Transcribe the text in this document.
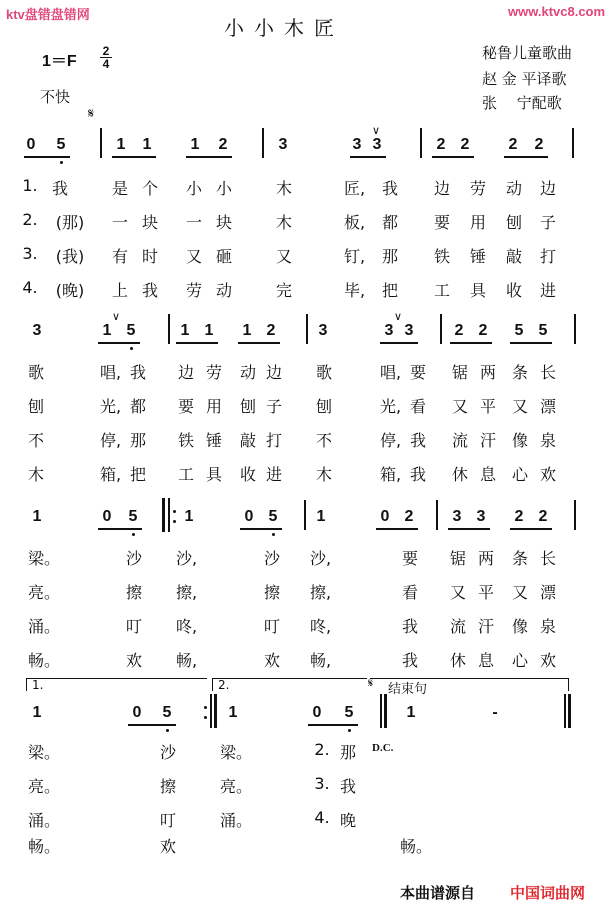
ktv盘错盘错网	www.ktvc8.com
小小木匠
1＝F
2
4
不快
秘鲁儿童歌曲
赵 金 平译歌
张　 宁配歌
𝄋
0 5	1 1 1 2	3	3 3	2 2 2 2
∨
1. 我	是 个 小 小	木	匠, 我 边 劳 动 边
2. (那) 一 块 一 块	木	板, 都 要 用 刨 子
3. (我) 有 时 又 砸	又	钉, 那 铁 锤 敲 打
4. (晚) 上 我 劳 动	完	毕, 把 工 具 收 进
3	1 5	1 1 1 2	3	3 3	2 2 5 5
∨	∨
歌	唱, 我 边 劳 动 边 歌	唱, 要 锯 两 条 长
刨	光, 都 要 用 刨 子 刨	光, 看 又 平 又 漂
不	停, 那 铁 锤 敲 打 不	停, 我 流 汗 像 泉
木	箱, 把 工 具 收 进 木	箱, 我 休 息 心 欢
1	0 5	1	0 5 1	0 2 3 3 2 2
梁。	沙 沙,	沙 沙,	要 锯 两 条 长
亮。	擦 擦,	擦 擦,	看 又 平 又 漂
涌。	叮 咚,	叮 咚,	我 流 汗 像 泉
畅。	欢 畅,	欢 畅,	我 休 息 心 欢
1.	2.	𝄋 结束句
1	0 5	1	0 5	1	-
D.C.
梁。	沙	梁。	2. 那
亮。	擦	亮。	3. 我
涌。	叮	涌。	4. 晚
畅。	欢	畅。
本曲谱源自 中国词曲网
